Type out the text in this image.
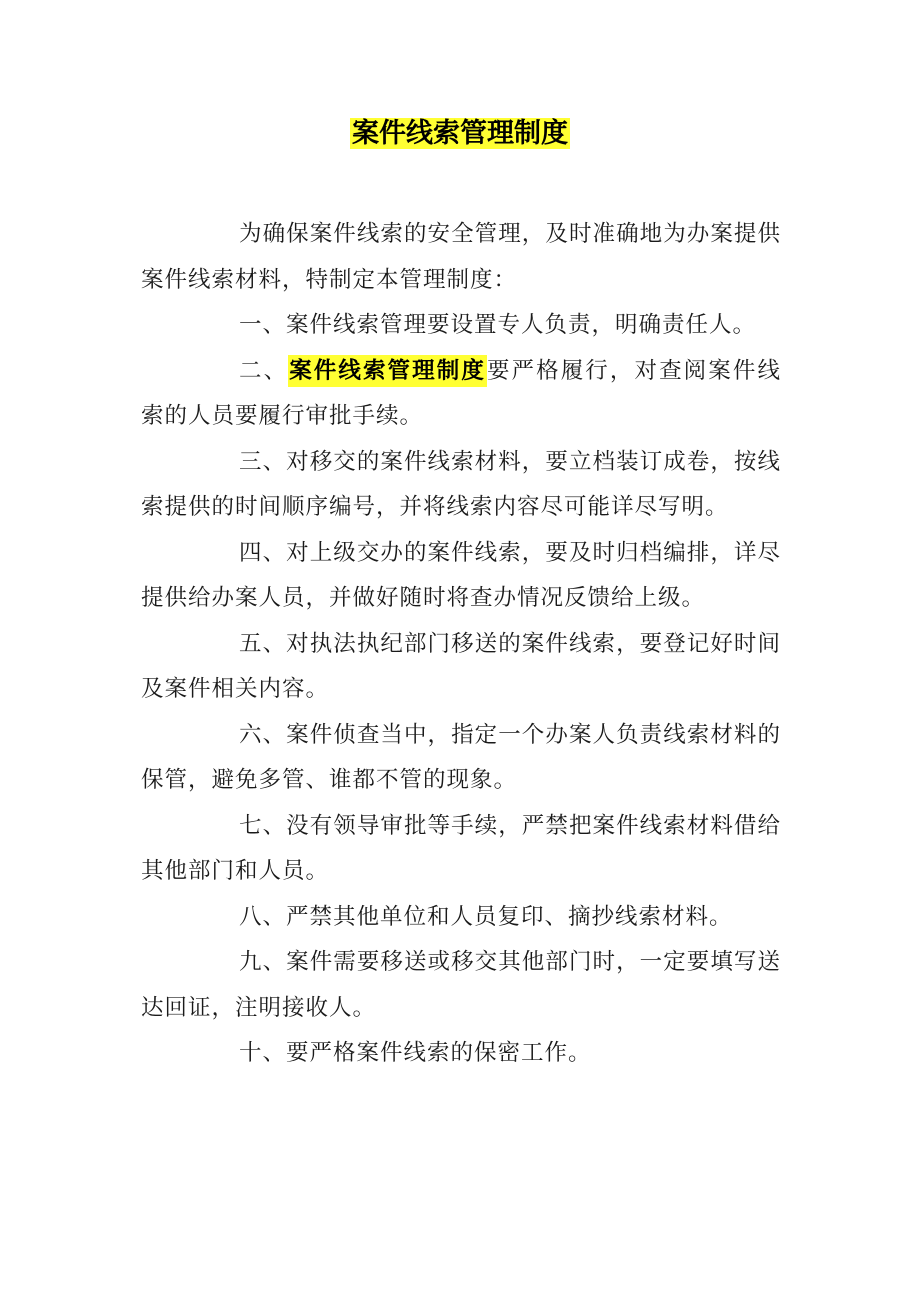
案件线索管理制度

为确保案件线索的安全管理，及时准确地为办案提供案件线索材料，特制定本管理制度：

一、案件线索管理要设置专人负责，明确责任人。

二、案件线索管理制度要严格履行，对查阅案件线索的人员要履行审批手续。

三、对移交的案件线索材料，要立档装订成卷，按线索提供的时间顺序编号，并将线索内容尽可能详尽写明。

四、对上级交办的案件线索，要及时归档编排，详尽提供给办案人员，并做好随时将查办情况反馈给上级。

五、对执法执纪部门移送的案件线索，要登记好时间及案件相关内容。

六、案件侦查当中，指定一个办案人负责线索材料的保管，避免多管、谁都不管的现象。

七、没有领导审批等手续，严禁把案件线索材料借给其他部门和人员。

八、严禁其他单位和人员复印、摘抄线索材料。

九、案件需要移送或移交其他部门时，一定要填写送达回证，注明接收人。

十、要严格案件线索的保密工作。
